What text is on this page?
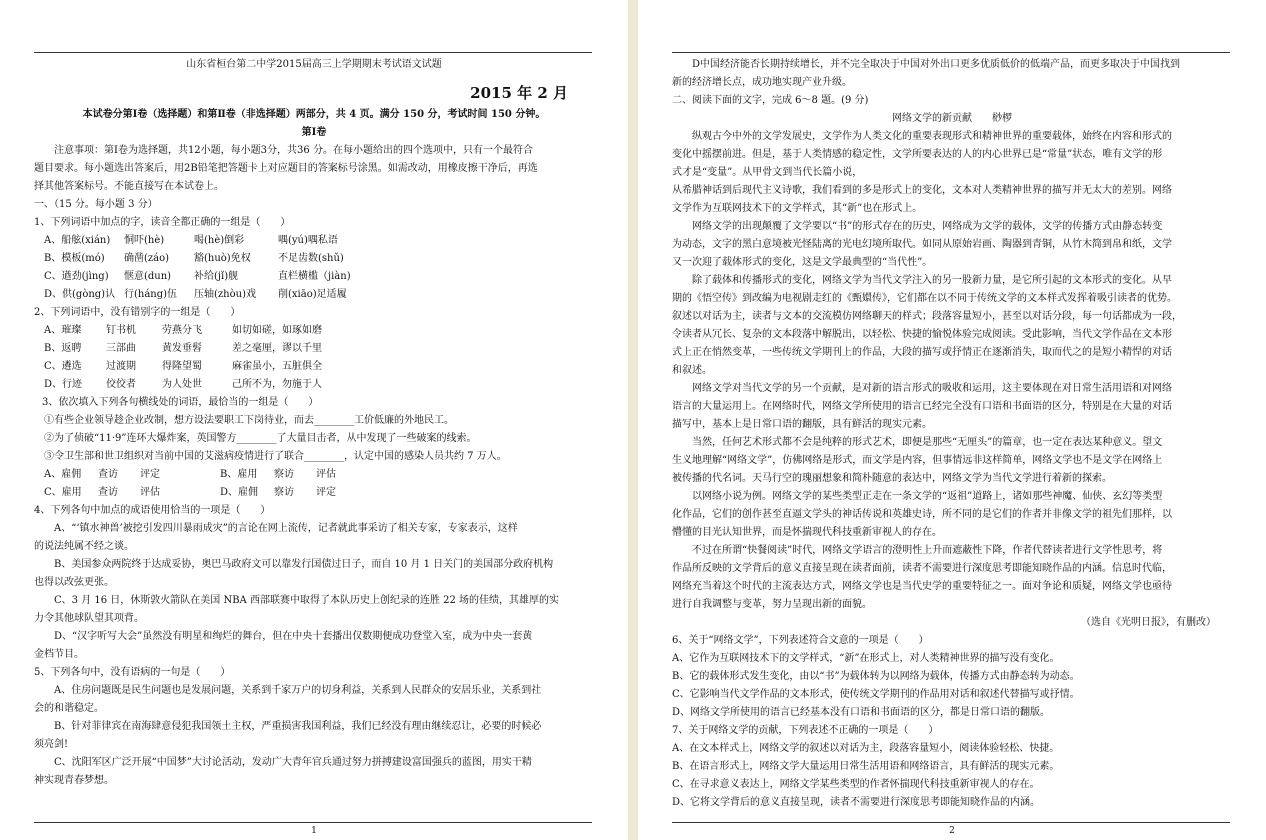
山东省桓台第二中学2015届高三上学期期末考试语文试题
2015 年 2 月
本试卷分第Ⅰ卷（选择题）和第Ⅱ卷（非选择题）两部分，共 4 页。满分 150 分，考试时间 150 分钟。
第Ⅰ卷
注意事项：第Ⅰ卷为选择题，共12小题，每小题3分，共36 分。在每小题给出的四个选项中，只有一个最符合
题目要求。每小题选出答案后，用2B铅笔把答题卡上对应题目的答案标号涂黑。如需改动，用橡皮擦干净后，再选
择其他答案标号。不能直接写在本试卷上。
一、（15 分。每小题 3 分）
1、下列词语中加点的字，读音全都正确的一组是（　　）
A、船舷(xián) 恫吓(hè)	喝(hè)倒彩	喁(yú)喁私语
B、模板(mó) 确凿(záo) 豁(huò)免权	不足齿数(shǔ)
C、遒劲(jìng) 惬意(dun) 补给(jǐ)舰	直栏横槛（jiàn)
D、供(gòng)认 行(háng)伍 压轴(zhòu)戏 削(xiāo)足适履
2、下列词语中，没有错别字的一组是（　　）
A、璀璨 钉书机	劳燕分飞	如切如磋，如琢如磨
B、返聘 三部曲	黄发垂髫	差之毫厘，谬以千里
C、遴选 过渡期	得隆望蜀	麻雀虽小，五脏俱全
D、行迹 佼佼者	为人处世	己所不为，勿施于人
3、依次填入下列各句横线处的词语，最恰当的一组是（　　）
①有些企业领导趁企业改制，想方设法要职工下岗待业，而去________工价低廉的外地民工。
②为了侦破“11·9”连环大爆炸案，英国警方________了大量目击者，从中发现了一些破案的线索。
③令卫生部和世卫组织对当前中国的艾滋病疫情进行了联合________，认定中国的感染人员共约 7 万人。
A、雇佣 查访 评定	B、雇用 察访 评估
C、雇用 查访 评估	D、雇佣 察访 评定
4、下列各句中加点的成语使用恰当的一项是（　　）
A、“‘镇水神兽’被挖引发四川暴雨成灾”的言论在网上流传，记者就此事采访了相关专家，专家表示，这样
的说法纯属不经之谈。
B、美国参众两院终于达成妥协，奥巴马政府文可以靠发行国债过日子，而自 10 月 1 日关门的美国部分政府机构
也得以改弦更张。
C、3 月 16 日，休斯敦火箭队在美国 NBA 西部联赛中取得了本队历史上创纪录的连胜 22 场的佳绩，其雄厚的实
力令其他球队望其项背。
D、“汉字听写大会”虽然没有明星和绚烂的舞台，但在中央十套播出仅数期便成功登堂入室，成为中央一套黄
金档节目。
5、下列各句中，没有语病的一句是（　　）
A、住房问题既是民生问题也是发展问题，关系到千家万户的切身利益，关系到人民群众的安居乐业，关系到社
会的和谐稳定。
B、针对菲律宾在南海肆意侵犯我国领土主权，严重损害我国利益，我们已经没有理由继续忍让，必要的时候必
须亮剑!
C、沈阳军区广泛开展“中国梦”大讨论活动，发动广大青年官兵通过努力拼搏建设富国强兵的蓝图，用实干精
神实现青春梦想。
1
D中国经济能否长期持续增长，并不完全取决于中国对外出口更多优质低价的低端产品，而更多取决于中国找到
新的经济增长点，成功地实现产业升级。
二、阅读下面的文字，完成 6～8 题。(9 分)
网络文学的新贡献　　桫椤
　　纵观古今中外的文学发展史，文学作为人类文化的重要表现形式和精神世界的重要载体，始终在内容和形式的
变化中摇摆前进。但是，基于人类情感的稳定性，文学所要表达的人的内心世界已是“常量”状态，唯有文学的形
式才是“变量”。从甲骨文到当代长篇小说，
从希腊神话到后现代主义诗歌，我们看到的多是形式上的变化，文本对人类精神世界的描写并无太大的差别。网络
文学作为互联网技术下的文学样式，其“新”也在形式上。
　　网络文学的出现颠覆了文学要以“书”的形式存在的历史，网络成为文学的载体，文学的传播方式由静态转变
为动态，文字的黑白意境被光怪陆离的光电幻境所取代。如同从原始岩画、陶器到青铜，从竹木简到帛和纸，文学
又一次迎了载体形式的变化，这是文学最典型的“当代性”。
　　除了载体和传播形式的变化，网络文学为当代文学注入的另一股新力量，是它所引起的文本形式的变化。从早
期的《悟空传》到改编为电视剧走红的《甄嬛传》，它们都在以不同于传统文学的文本样式发挥着吸引读者的优势。
叙述以对话为主，读者与文本的交流模仿网络聊天的样式；段落容量短小，甚至以对话分段，每一句话都成为一段，
令读者从冗长、复杂的文本段落中解脱出，以轻松、快捷的愉悦体验完成阅读。受此影响，当代文学作品在文本形
式上正在悄然变革，一些传统文学期刊上的作品，大段的描写或抒情正在逐渐消失，取而代之的是短小精悍的对话
和叙述。
　　网络文学对当代文学的另一个贡献，是对新的语言形式的吸收和运用，这主要体现在对日常生活用语和对网络
语言的大量运用上。在网络时代，网络文学所使用的语言已经完全没有口语和书面语的区分，特别是在大量的对话
描写中，基本上是日常口语的翻版，具有鲜活的现实元素。
　　当然，任何艺术形式都不会是纯粹的形式艺术，即便是那些“无厘头”的篇章，也一定在表达某种意义。望文
生义地理解“网络文学”，仿佛网络是形式，而文学是内容，但事情远非这样简单，网络文学也不是文学在网络上
被传播的代名词。天马行空的瑰丽想象和简朴随意的表达中，网络文学为当代文学进行着新的探索。
　　以网络小说为例。网络文学的某些类型正走在一条文学的“返祖”道路上，诸如那些神魔、仙侠、玄幻等类型
化作品，它们的创作甚至直逼文学头的神话传说和英雄史诗，所不同的是它们的作者并非像文学的祖先们那样，以
懵懂的目光认知世界，而是怀揣现代科技重新审视人的存在。
　　不过在所谓“快餐阅读”时代，网络文学语言的澄明性上升而遮蔽性下降，作者代替读者进行文学性思考，将
作品所反映的文学背后的意义直接呈现在读者面前，读者不需要进行深度思考即能知晓作品的内涵。信息时代临，
网络充当着这个时代的主流表达方式，网络文学也是当代史学的重要特征之一。面对争论和质疑，网络文学也亟待
进行自我调整与变革，努力呈现出新的面貌。
（选自《光明日报》，有删改）
6、关于“网络文学”，下列表述符合文意的一项是（　　）
A、它作为互联网技术下的文学样式，“新”在形式上，对人类精神世界的描写没有变化。
B、它的载体形式发生变化，由以“书”为载体转为以网络为载体，传播方式由静态转为动态。
C、它影响当代文学作品的文本形式，使传统文学期刊的作品用对话和叙述代替描写或抒情。
D、网络文学所使用的语言已经基本没有口语和书面语的区分，都是日常口语的翻版。
7、关于网络文学的贡献，下列表述不正确的一项是（　　）
A、在文本样式上，网络文学的叙述以对话为主，段落容量短小，阅读体验轻松、快捷。
B、在语言形式上，网络文学大量运用日常生活用语和网络语言，具有鲜活的现实元素。
C、在寻求意义表达上，网络文学某些类型的作者怀揣现代科技重新审视人的存在。
D、它将文学背后的意义直接呈现，读者不需要进行深度思考即能知晓作品的内涵。
2
